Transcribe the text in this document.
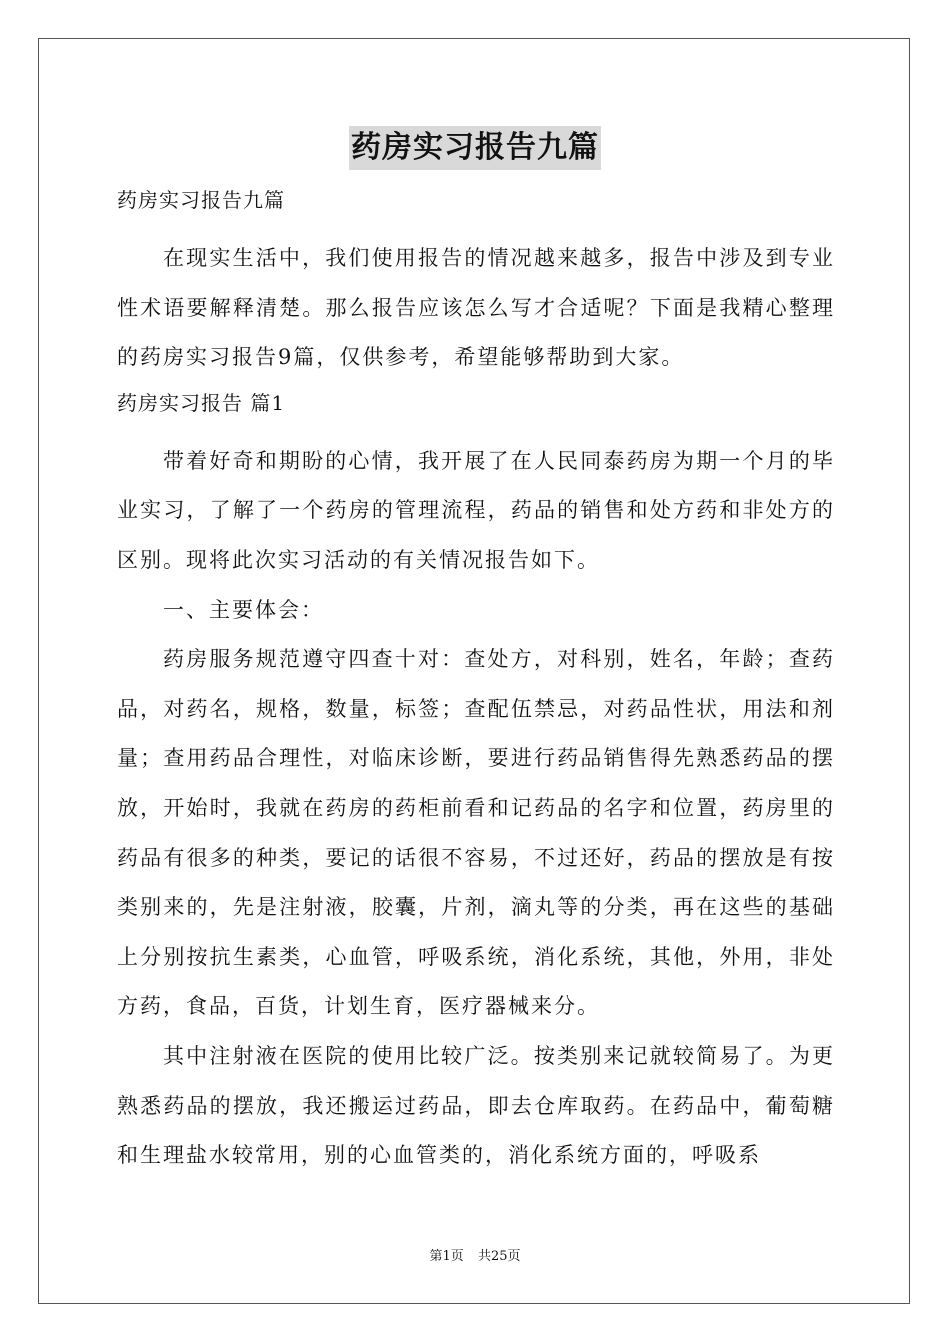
药房实习报告九篇
药房实习报告九篇
在现实生活中，我们使用报告的情况越来越多，报告中涉及到专业性术语要解释清楚。那么报告应该怎么写才合适呢？下面是我精心整理的药房实习报告9篇，仅供参考，希望能够帮助到大家。
药房实习报告 篇1
带着好奇和期盼的心情，我开展了在人民同泰药房为期一个月的毕业实习，了解了一个药房的管理流程，药品的销售和处方药和非处方的区别。现将此次实习活动的有关情况报告如下。
一、主要体会：
药房服务规范遵守四查十对：查处方，对科别，姓名，年龄；查药品，对药名，规格，数量，标签；查配伍禁忌，对药品性状，用法和剂量；查用药品合理性，对临床诊断，要进行药品销售得先熟悉药品的摆放，开始时，我就在药房的药柜前看和记药品的名字和位置，药房里的药品有很多的种类，要记的话很不容易，不过还好，药品的摆放是有按类别来的，先是注射液，胶囊，片剂，滴丸等的分类，再在这些的基础上分别按抗生素类，心血管，呼吸系统，消化系统，其他，外用，非处方药，食品，百货，计划生育，医疗器械来分。
其中注射液在医院的使用比较广泛。按类别来记就较简易了。为更熟悉药品的摆放，我还搬运过药品，即去仓库取药。在药品中，葡萄糖和生理盐水较常用，别的心血管类的，消化系统方面的，呼吸系
第1页 共25页
